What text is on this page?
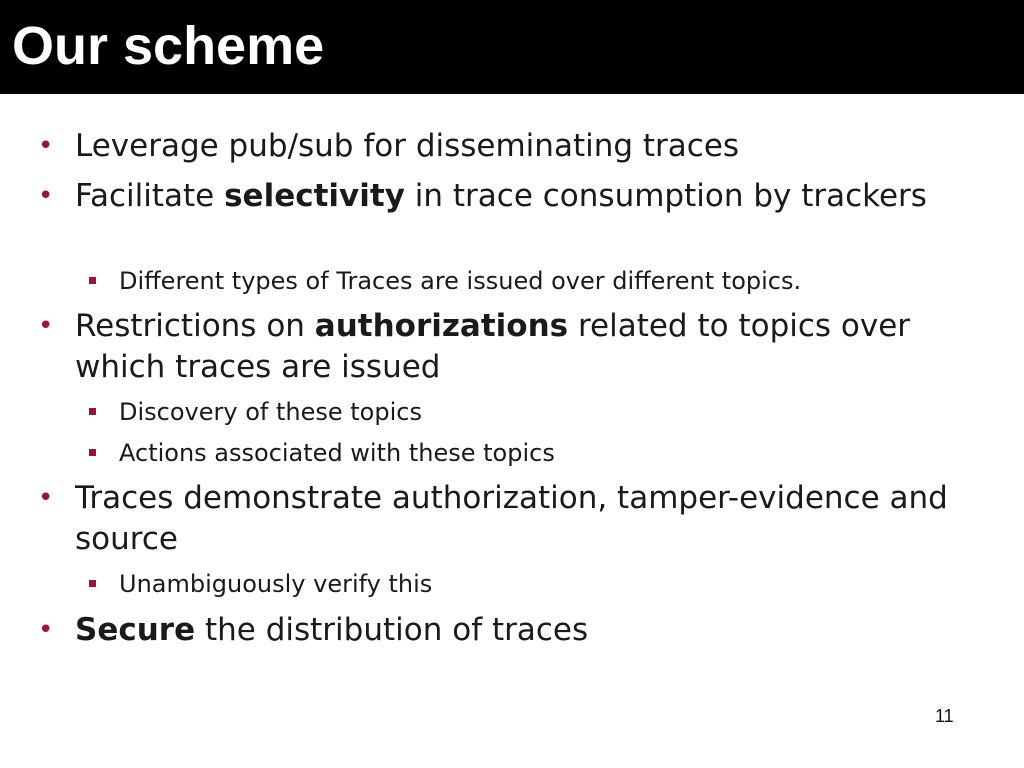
Our scheme

• Leverage pub/sub for disseminating traces

• Facilitate selectivity in trace consumption by trackers

Different types of Traces are issued over different topics.

• Restrictions on authorizations related to topics over which traces are issued

Discovery of these topics

Actions associated with these topics

• Traces demonstrate authorization, tamper-evidence and source

Unambiguously verify this

• Secure the distribution of traces

11
